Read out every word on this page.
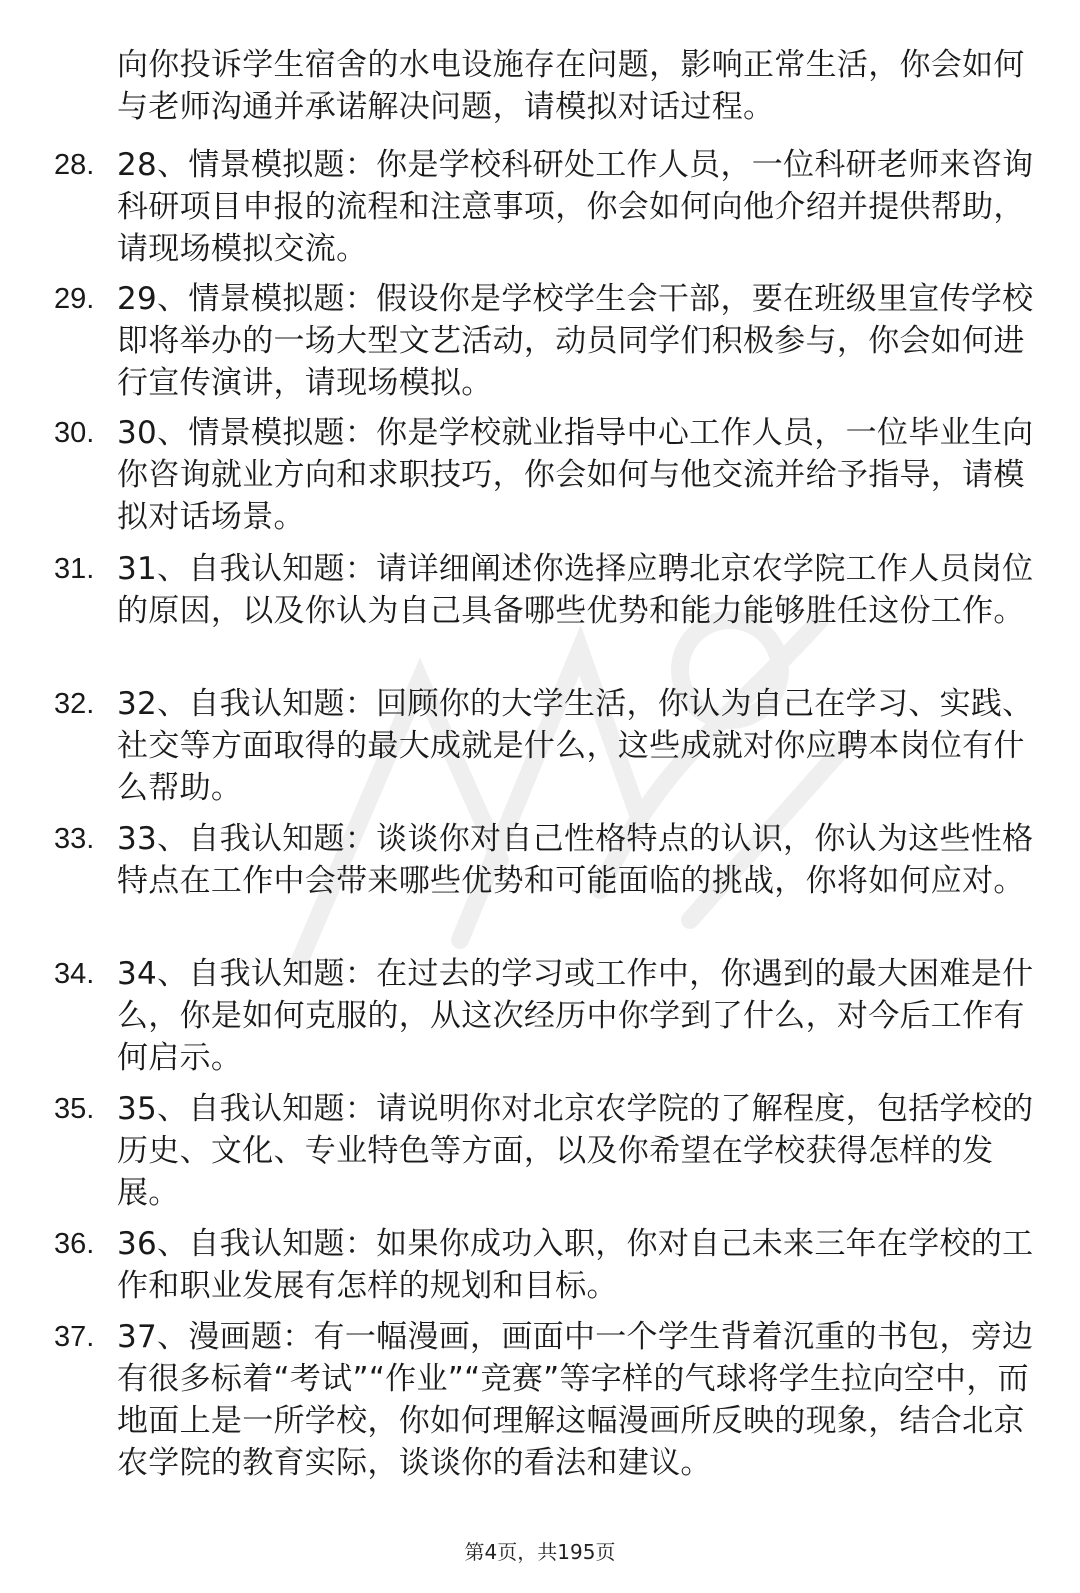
向你投诉学生宿舍的水电设施存在问题，影响正常生活，你会如何与老师沟通并承诺解决问题，请模拟对话过程。
28. 28、情景模拟题：你是学校科研处工作人员，一位科研老师来咨询科研项目申报的流程和注意事项，你会如何向他介绍并提供帮助，请现场模拟交流。
29. 29、情景模拟题：假设你是学校学生会干部，要在班级里宣传学校即将举办的一场大型文艺活动，动员同学们积极参与，你会如何进行宣传演讲，请现场模拟。
30. 30、情景模拟题：你是学校就业指导中心工作人员，一位毕业生向你咨询就业方向和求职技巧，你会如何与他交流并给予指导，请模拟对话场景。
31. 31、自我认知题：请详细阐述你选择应聘北京农学院工作人员岗位的原因，以及你认为自己具备哪些优势和能力能够胜任这份工作。
32. 32、自我认知题：回顾你的大学生活，你认为自己在学习、实践、社交等方面取得的最大成就是什么，这些成就对你应聘本岗位有什么帮助。
33. 33、自我认知题：谈谈你对自己性格特点的认识，你认为这些性格特点在工作中会带来哪些优势和可能面临的挑战，你将如何应对。
34. 34、自我认知题：在过去的学习或工作中，你遇到的最大困难是什么，你是如何克服的，从这次经历中你学到了什么，对今后工作有何启示。
35. 35、自我认知题：请说明你对北京农学院的了解程度，包括学校的历史、文化、专业特色等方面，以及你希望在学校获得怎样的发展。
36. 36、自我认知题：如果你成功入职，你对自己未来三年在学校的工作和职业发展有怎样的规划和目标。
37. 37、漫画题：有一幅漫画，画面中一个学生背着沉重的书包，旁边有很多标着“考试”“作业”“竞赛”等字样的气球将学生拉向空中，而地面上是一所学校，你如何理解这幅漫画所反映的现象，结合北京农学院的教育实际，谈谈你的看法和建议。
第4页，共195页
